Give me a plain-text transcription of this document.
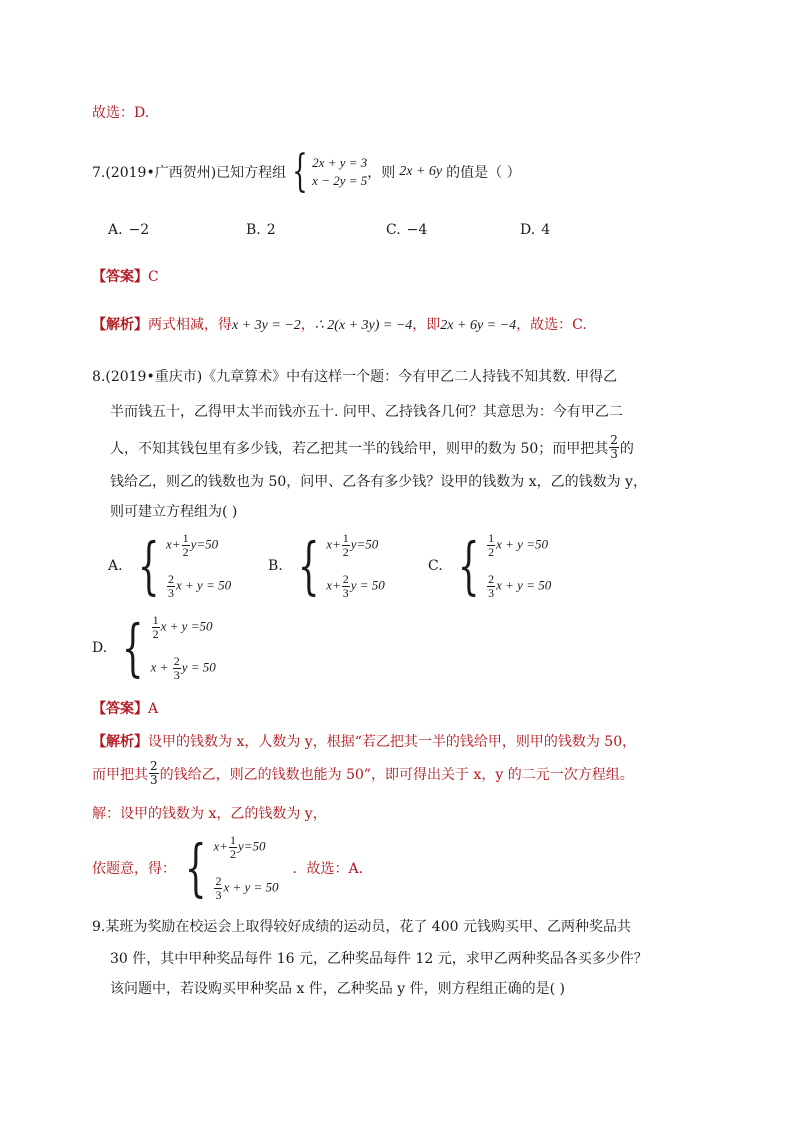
故选：D.
7.(2019•广西贺州)已知方程组 { 2x + y = 3
x − 2y = 5 ，则 2x + 6y 的值是（ ）
A. −2	B. 2	C. −4	D. 4
【答案】C
【解析】两式相减，得x + 3y = −2，∴ 2(x + 3y) = −4，即2x + 6y = −4，故选：C.
8.(2019•重庆市)《九章算术》中有这样一个题：今有甲乙二人持钱不知其数. 甲得乙
半而钱五十，乙得甲太半而钱亦五十. 问甲、乙持钱各几何？其意思为：今有甲乙二
人，不知其钱包里有多少钱，若乙把其一半的钱给甲，则甲的数为 50；而甲把其 $\frac{2}{3}$ 的
钱给乙，则乙的钱数也为 50，问甲、乙各有多少钱？设甲的钱数为 x，乙的钱数为 y，
则可建立方程组为( )
A. { $x+ \frac{1}{2} y=50$
$\frac{2}{3}$ x + y = 50
B. { $x+ \frac{1}{2} y=50$
$x+ \frac{2}{3}$ y = 50
C. { $\frac{1}{2}$ x + y =50
$\frac{2}{3}$ x + y = 50
D. { $\frac{1}{2}$ x + y =50
$x + \frac{2}{3}$ y = 50
【答案】A
【解析】设甲的钱数为 x，人数为 y，根据“若乙把其一半的钱给甲，则甲的钱数为 50，
而甲把其 $\frac{2}{3}$ 的钱给乙，则乙的钱数也能为 50”，即可得出关于 x，y 的二元一次方程组。
解：设甲的钱数为 x，乙的钱数为 y，
依题意，得： { $x+ \frac{1}{2} y=50$
$\frac{2}{3}$ x + y = 50
．故选：A.
9.某班为奖励在校运会上取得较好成绩的运动员，花了 400 元钱购买甲、乙两种奖品共
30 件，其中甲种奖品每件 16 元，乙种奖品每件 12 元，求甲乙两种奖品各买多少件？
该问题中，若设购买甲种奖品 x 件，乙种奖品 y 件，则方程组正确的是( )
